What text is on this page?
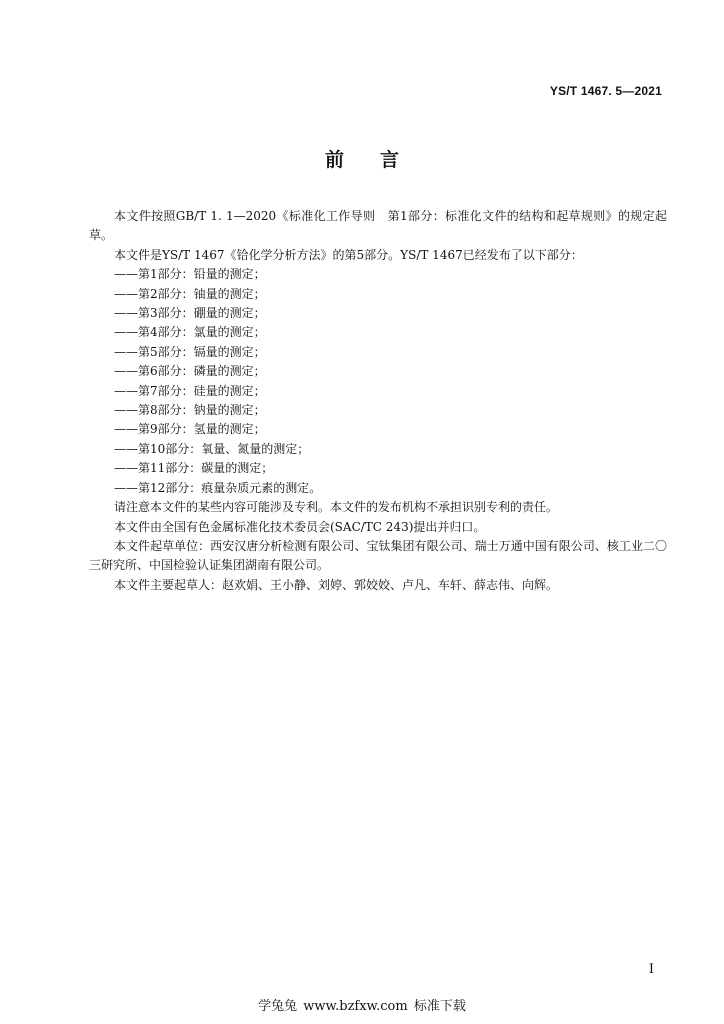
YS/T 1467. 5—2021
前 言

本文件按照GB/T 1. 1—2020《标准化工作导则　第1部分：标准化文件的结构和起草规则》的规定起草。

本文件是YS/T 1467《铪化学分析方法》的第5部分。YS/T 1467已经发布了以下部分：

——第1部分：铅量的测定；

——第2部分：铀量的测定；

——第3部分：硼量的测定；

——第4部分：氯量的测定；

——第5部分：镉量的测定；

——第6部分：磷量的测定；

——第7部分：硅量的测定；

——第8部分：钠量的测定；

——第9部分：氢量的测定；

——第10部分：氧量、氮量的测定；

——第11部分：碳量的测定；

——第12部分：痕量杂质元素的测定。

请注意本文件的某些内容可能涉及专利。本文件的发布机构不承担识别专利的责任。

本文件由全国有色金属标准化技术委员会(SAC/TC 243)提出并归口。

本文件起草单位：西安汉唐分析检测有限公司、宝钛集团有限公司、瑞士万通中国有限公司、核工业二〇三研究所、中国检验认证集团湖南有限公司。

本文件主要起草人：赵欢娟、王小静、刘婷、郭姣姣、卢凡、车轩、薛志伟、向辉。

I
学兔兔 www.bzfxw.com 标准下载
